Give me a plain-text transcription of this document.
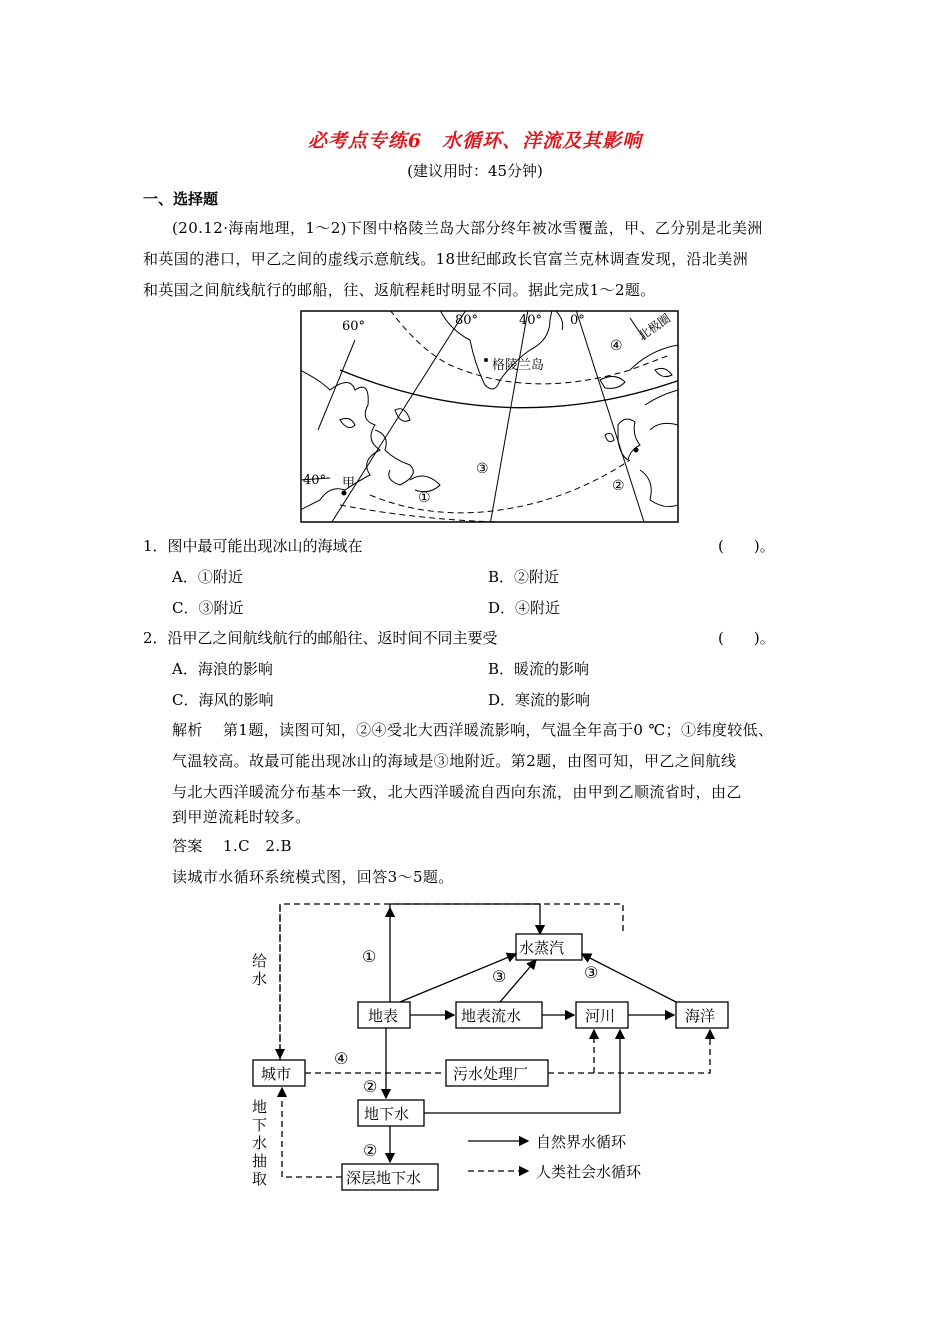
必考点专练6　水循环、洋流及其影响
(建议用时：45分钟)
一、选择题
(20.12·海南地理，1～2)下图中格陵兰岛大部分终年被冰雪覆盖，甲、乙分别是北美洲
和英国的港口，甲乙之间的虚线示意航线。18世纪邮政长官富兰克林调查发现，沿北美洲
和英国之间航线航行的邮船，往、返航程耗时明显不同。据此完成1～2题。
60°	80°	40° 0°
40°
北极圈
格陵兰岛
甲
①
②
③
④
1．图中最可能出现冰山的海域在	(　　)。
A．①附近	B．②附近
C．③附近	D．④附近
2．沿甲乙之间航线航行的邮船往、返时间不同主要受	(　　)。
A．海浪的影响	B．暖流的影响
C．海风的影响	D．寒流的影响
解析 第1题，读图可知，②④受北大西洋暖流影响，气温全年高于0 ℃；①纬度较低、
气温较高。故最可能出现冰山的海域是③地附近。第2题，由图可知，甲乙之间航线
与北大西洋暖流分布基本一致，北大西洋暖流自西向东流，由甲到乙顺流省时，由乙
到甲逆流耗时较多。
答案 1.C　2.B
读城市水循环系统模式图，回答3～5题。
水蒸汽
地表	地表流水	河川	海洋
城市	污水处理厂
地下水
深层地下水
给
水
地
下
水
抽
取
①
②
②
③	③
④
自然界水循环
人类社会水循环
